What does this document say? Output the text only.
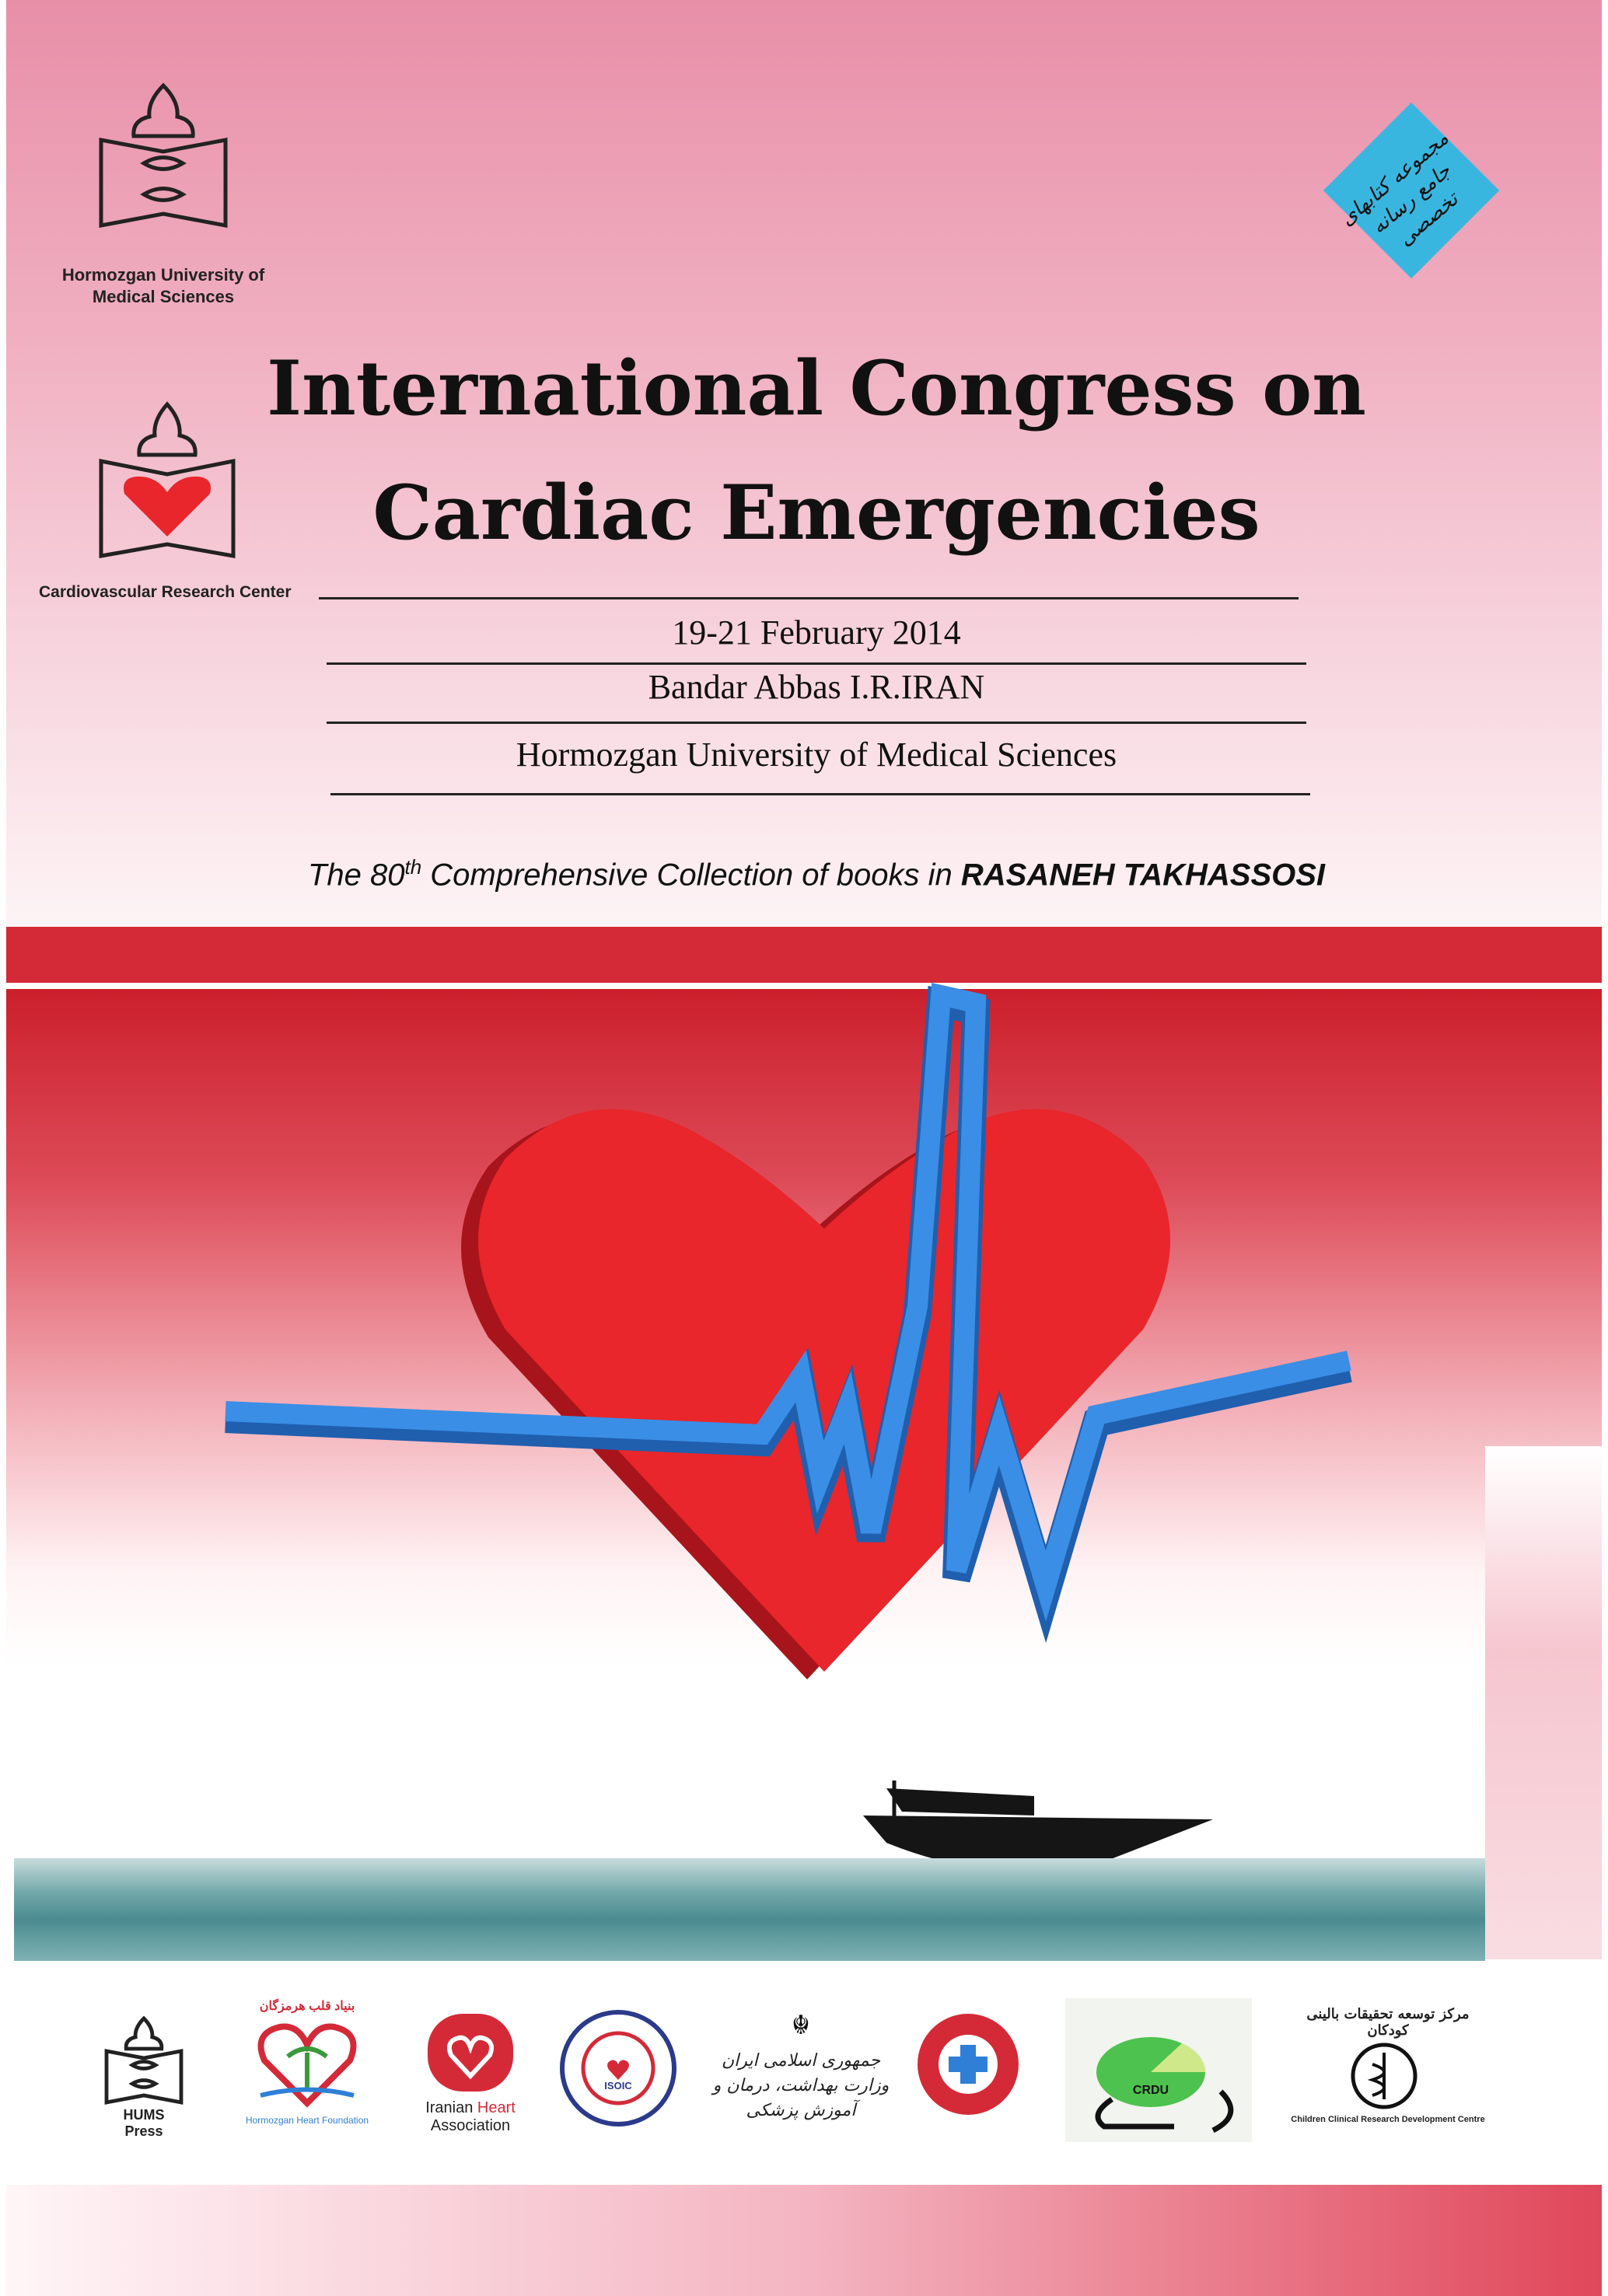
Hormozgan University of
Medical Sciences
Cardiovascular Research Center
مجموعه کتابهای جامع رسانه تخصصی
International Congress on
Cardiac Emergencies
19-21 February 2014
Bandar Abbas I.R.IRAN
Hormozgan University of Medical Sciences
The 80th Comprehensive Collection of books in RASANEH TAKHASSOSI
HUMS
Press
بنیاد قلب هرمزگان
Hormozgan Heart Foundation
Iranian Heart
Association
ISOIC
☬
جمهوری اسلامی ایران وزارت بهداشت، درمان و آموزش پزشکی
CRDU
مرکز توسعه تحقیقات بالینی کودکان
Children Clinical Research Development Centre
